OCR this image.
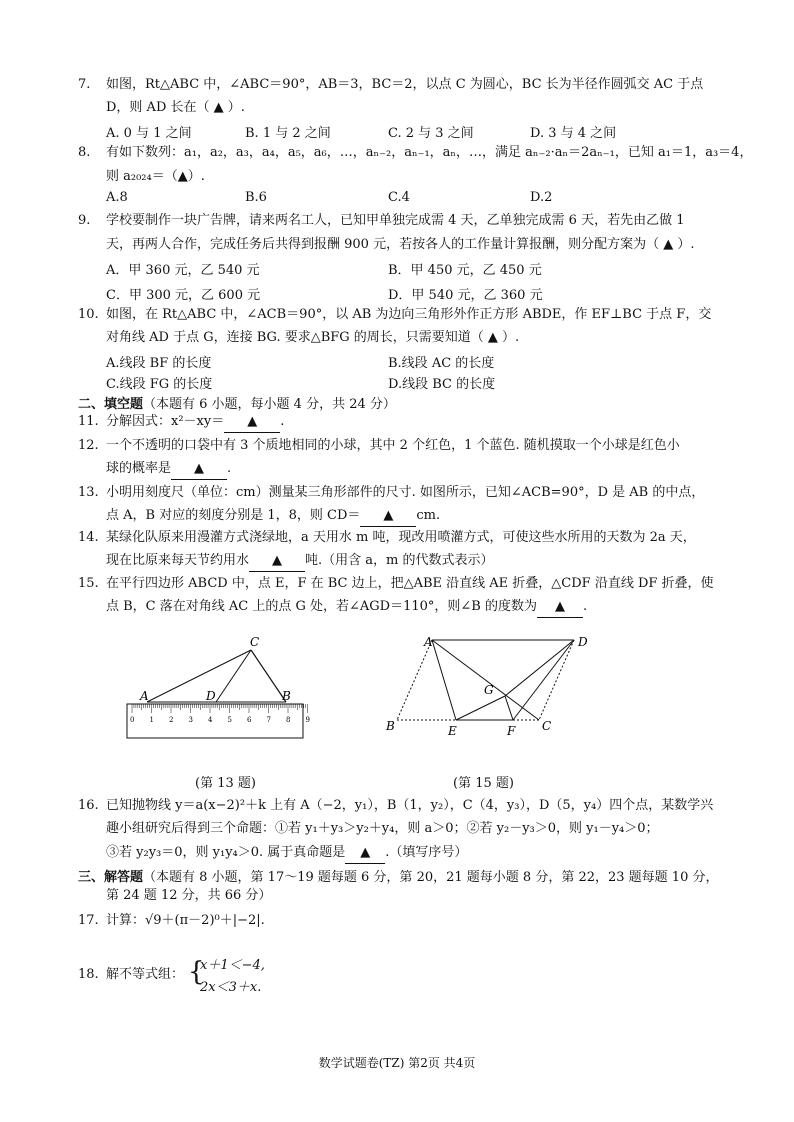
7. 如图，Rt△ABC 中，∠ABC＝90°，AB＝3，BC＝2，以点 C 为圆心，BC 长为半径作圆弧交 AC 于点
D，则 AD 长在（ ▲ ）.
A. 0 与 1 之间	B. 1 与 2 之间	C. 2 与 3 之间	D. 3 与 4 之间
8. 有如下数列：a₁，a₂，a₃，a₄，a₅，a₆，…，aₙ₋₂，aₙ₋₁，aₙ，…，满足 aₙ₋₂·aₙ＝2aₙ₋₁，已知 a₁＝1，a₃＝4，
则 a₂₀₂₄＝（▲）.
A.8	B.6	C.4	D.2
9. 学校要制作一块广告牌，请来两名工人，已知甲单独完成需 4 天，乙单独完成需 6 天，若先由乙做 1
天，再两人合作，完成任务后共得到报酬 900 元，若按各人的工作量计算报酬，则分配方案为（ ▲ ）.
A．甲 360 元，乙 540 元	B．甲 450 元，乙 450 元
C．甲 300 元，乙 600 元	D．甲 540 元，乙 360 元
10. 如图，在 Rt△ABC 中，∠ACB＝90°，以 AB 为边向三角形外作正方形 ABDE，作 EF⊥BC 于点 F，交
对角线 AD 于点 G，连接 BG. 要求△BFG 的周长，只需要知道（ ▲ ）.
A.线段 BF 的长度	B.线段 AC 的长度
C.线段 FG 的长度	D.线段 BC 的长度
二、填空题（本题有 6 小题，每小题 4 分，共 24 分）
11. 分解因式：x²－xy＝ ▲ .
12. 一个不透明的口袋中有 3 个质地相同的小球，其中 2 个红色，1 个蓝色. 随机摸取一个小球是红色小
球的概率是 ▲ .
13. 小明用刻度尺（单位：cm）测量某三角形部件的尺寸. 如图所示，已知∠ACB=90°，D 是 AB 的中点，
点 A，B 对应的刻度分别是 1，8，则 CD＝ ▲ cm.
14. 某绿化队原来用漫灌方式浇绿地，a 天用水 m 吨，现改用喷灌方式，可使这些水所用的天数为 2a 天，
现在比原来每天节约用水 ▲ 吨.（用含 a，m 的代数式表示）
15. 在平行四边形 ABCD 中，点 E，F 在 BC 边上，把△ABE 沿直线 AE 折叠，△CDF 沿直线 DF 折叠，使
点 B，C 落在对角线 AC 上的点 G 处，若∠AGD＝110°，则∠B 的度数为 ▲ .
A	B
C
D
0 1 2 3 4 5 6 7 8 9
(第 13 题)
A
B	C
D
E	F
G
(第 15 题)
16. 已知抛物线 y＝a(x−2)²＋k 上有 A（−2，y₁），B（1，y₂），C（4，y₃），D（5，y₄）四个点，某数学兴
趣小组研究后得到三个命题：①若 y₁＋y₃＞y₂＋y₄，则 a＞0；②若 y₂－y₃＞0，则 y₁－y₄＞0；
③若 y₂y₃＝0，则 y₁y₄＞0. 属于真命题是 ▲ .（填写序号）
三、解答题（本题有 8 小题，第 17～19 题每题 6 分，第 20，21 题每小题 8 分，第 22，23 题每题 10 分，
第 24 题 12 分，共 66 分）
17. 计算：√9＋(π－2)⁰＋|−2|.
18. 解不等式组： {
x＋1＜−4,
2x＜3＋x.
数学试题卷(TZ) 第2页 共4页
